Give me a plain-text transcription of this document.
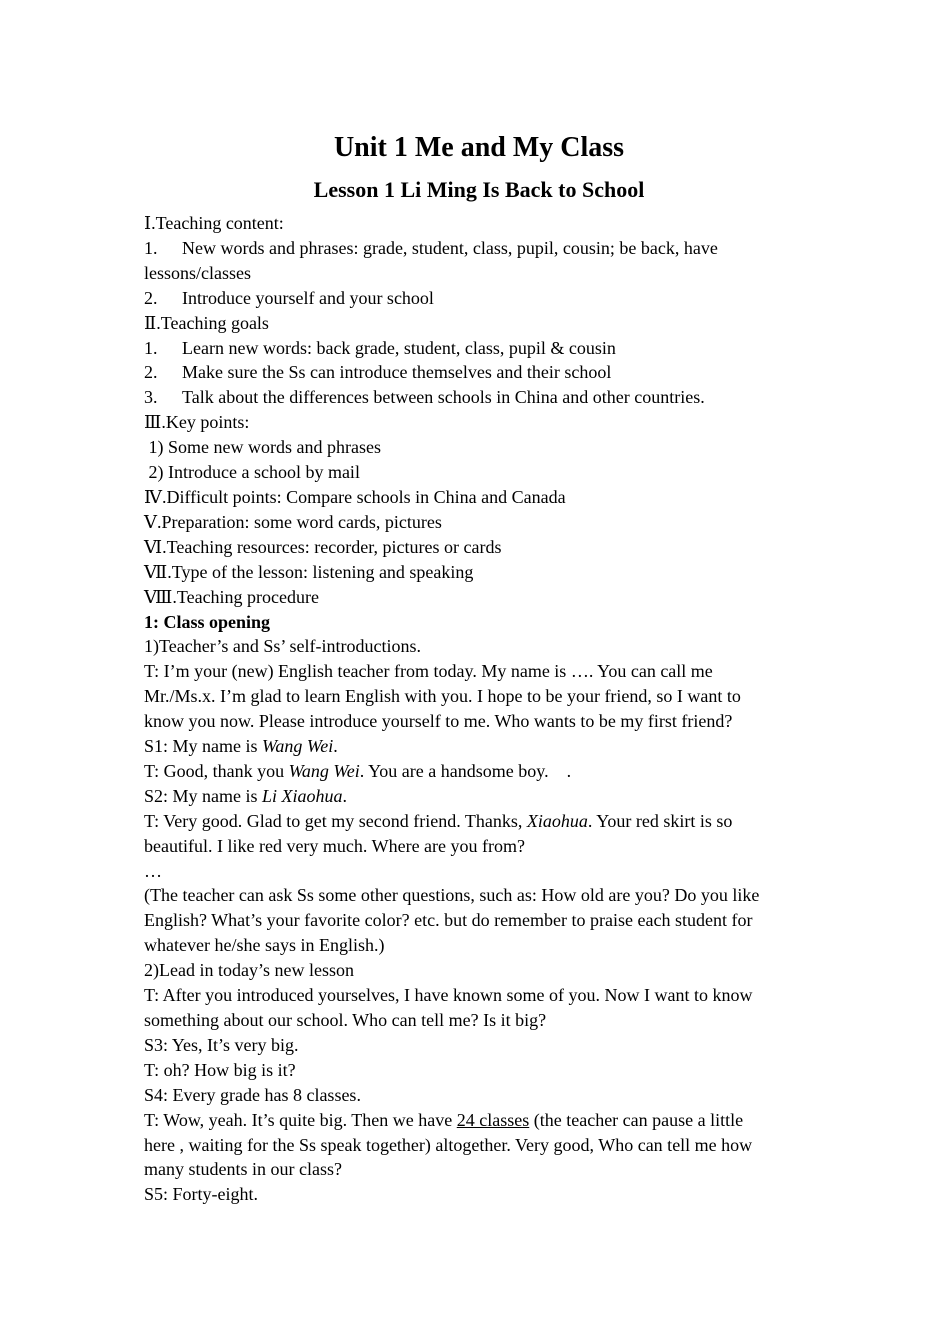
Unit 1 Me and My Class
Lesson 1 Li Ming Is Back to School

Ⅰ.Teaching content:

1. New words and phrases: grade, student, class, pupil, cousin; be back, have

lessons/classes

2. Introduce yourself and your school

Ⅱ.Teaching goals

1. Learn new words: back grade, student, class, pupil & cousin

2. Make sure the Ss can introduce themselves and their school

3. Talk about the differences between schools in China and other countries.

Ⅲ.Key points:

1) Some new words and phrases

2) Introduce a school by mail

Ⅳ.Difficult points: Compare schools in China and Canada

Ⅴ.Preparation: some word cards, pictures

Ⅵ.Teaching resources: recorder, pictures or cards

Ⅶ.Type of the lesson: listening and speaking

Ⅷ.Teaching procedure

1: Class opening

1)Teacher’s and Ss’ self-introductions.

T: I’m your (new) English teacher from today. My name is …. You can call me

Mr./Ms.x. I’m glad to learn English with you. I hope to be your friend, so I want to

know you now. Please introduce yourself to me. Who wants to be my first friend?

S1: My name is Wang Wei.

T: Good, thank you Wang Wei. You are a handsome boy.    .

S2: My name is Li Xiaohua.

T: Very good. Glad to get my second friend. Thanks, Xiaohua. Your red skirt is so

beautiful. I like red very much. Where are you from?

…

(The teacher can ask Ss some other questions, such as: How old are you? Do you like

English? What’s your favorite color? etc. but do remember to praise each student for

whatever he/she says in English.)

2)Lead in today’s new lesson

T: After you introduced yourselves, I have known some of you. Now I want to know

something about our school. Who can tell me? Is it big?

S3: Yes, It’s very big.

T: oh? How big is it?

S4: Every grade has 8 classes.

T: Wow, yeah. It’s quite big. Then we have 24 classes (the teacher can pause a little

here , waiting for the Ss speak together) altogether. Very good, Who can tell me how

many students in our class?

S5: Forty-eight.
